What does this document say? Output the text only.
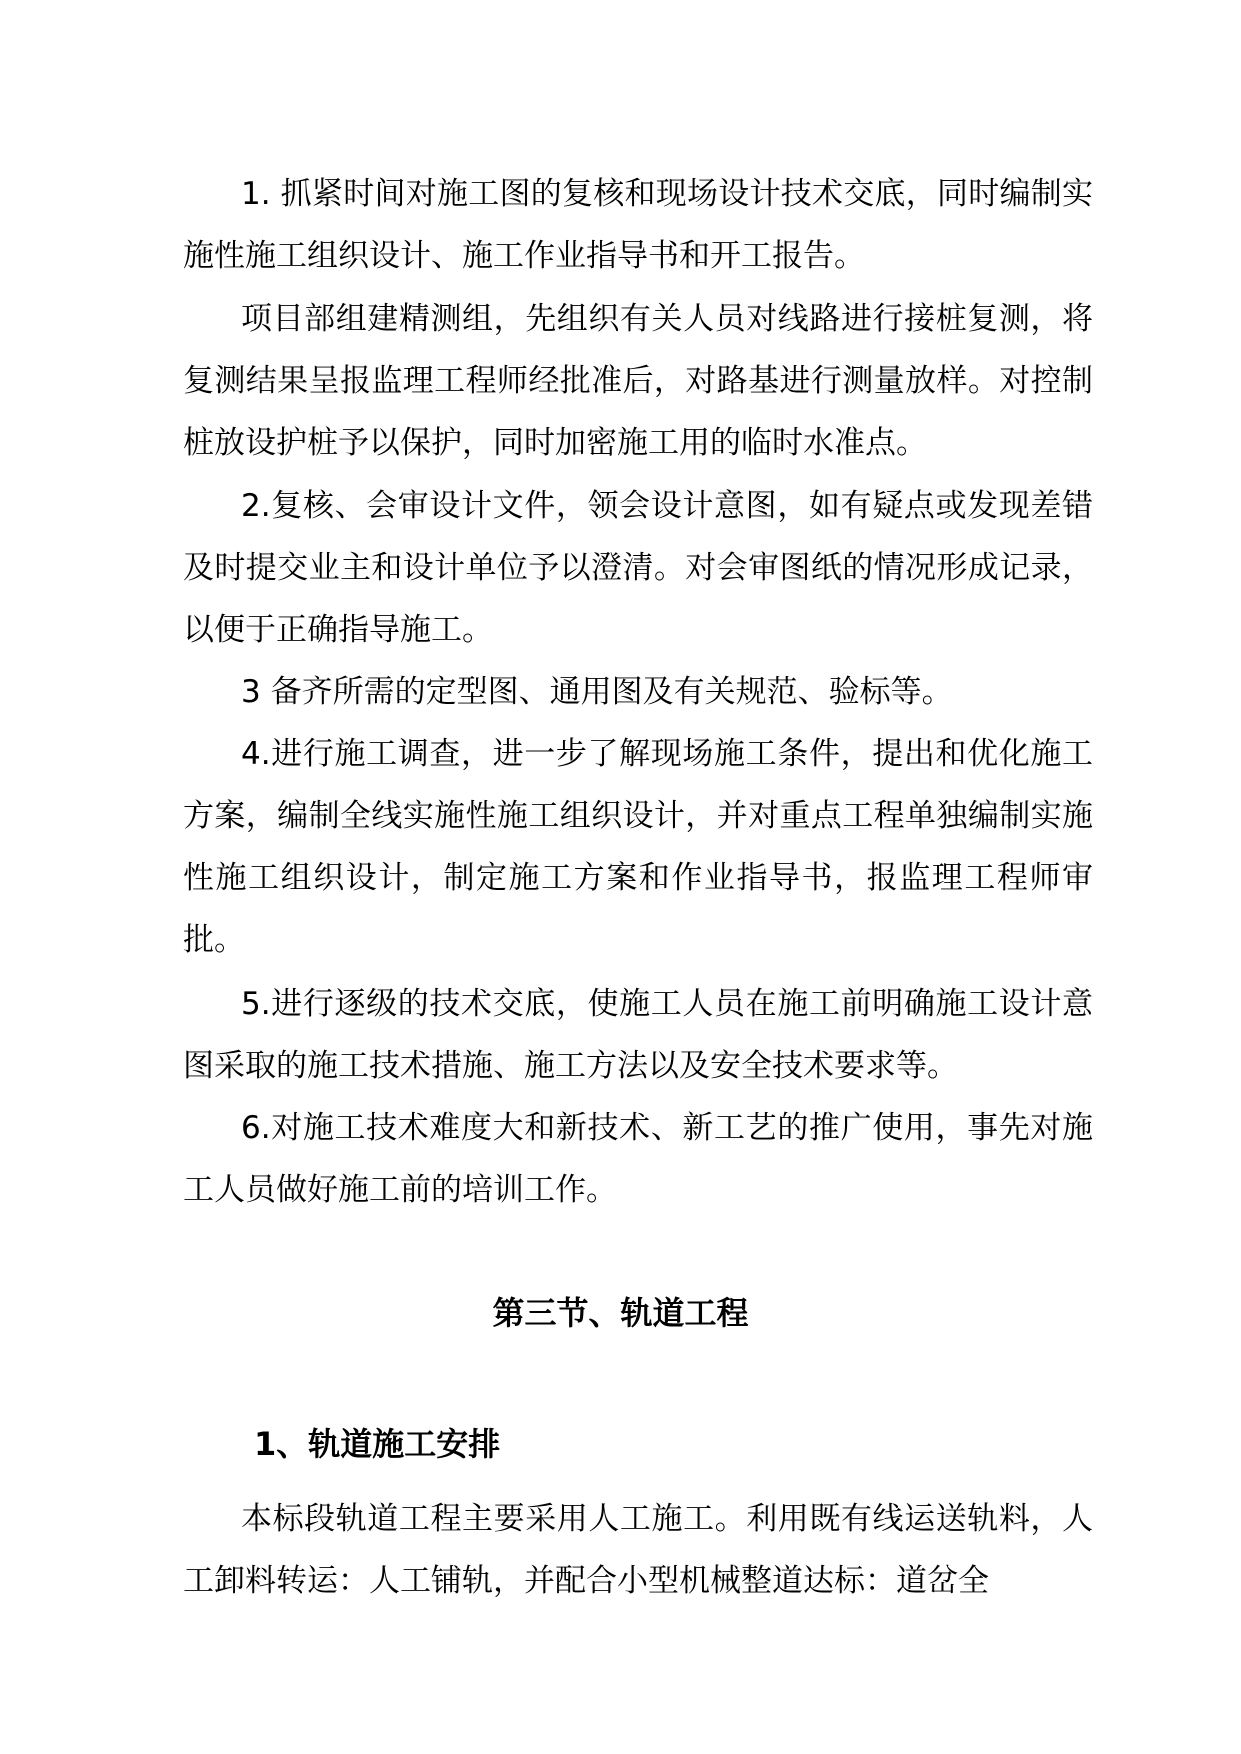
1. 抓紧时间对施工图的复核和现场设计技术交底，同时编制实施性施工组织设计、施工作业指导书和开工报告。

项目部组建精测组，先组织有关人员对线路进行接桩复测，将复测结果呈报监理工程师经批准后，对路基进行测量放样。对控制桩放设护桩予以保护，同时加密施工用的临时水准点。

2.复核、会审设计文件，领会设计意图，如有疑点或发现差错及时提交业主和设计单位予以澄清。对会审图纸的情况形成记录，以便于正确指导施工。

3 备齐所需的定型图、通用图及有关规范、验标等。

4.进行施工调查，进一步了解现场施工条件，提出和优化施工方案，编制全线实施性施工组织设计，并对重点工程单独编制实施性施工组织设计，制定施工方案和作业指导书，报监理工程师审批。

5.进行逐级的技术交底，使施工人员在施工前明确施工设计意图采取的施工技术措施、施工方法以及安全技术要求等。

6.对施工技术难度大和新技术、新工艺的推广使用，事先对施工人员做好施工前的培训工作。

第三节、轨道工程
1、轨道施工安排

本标段轨道工程主要采用人工施工。利用既有线运送轨料，人工卸料转运：人工铺轨，并配合小型机械整道达标：道岔全
